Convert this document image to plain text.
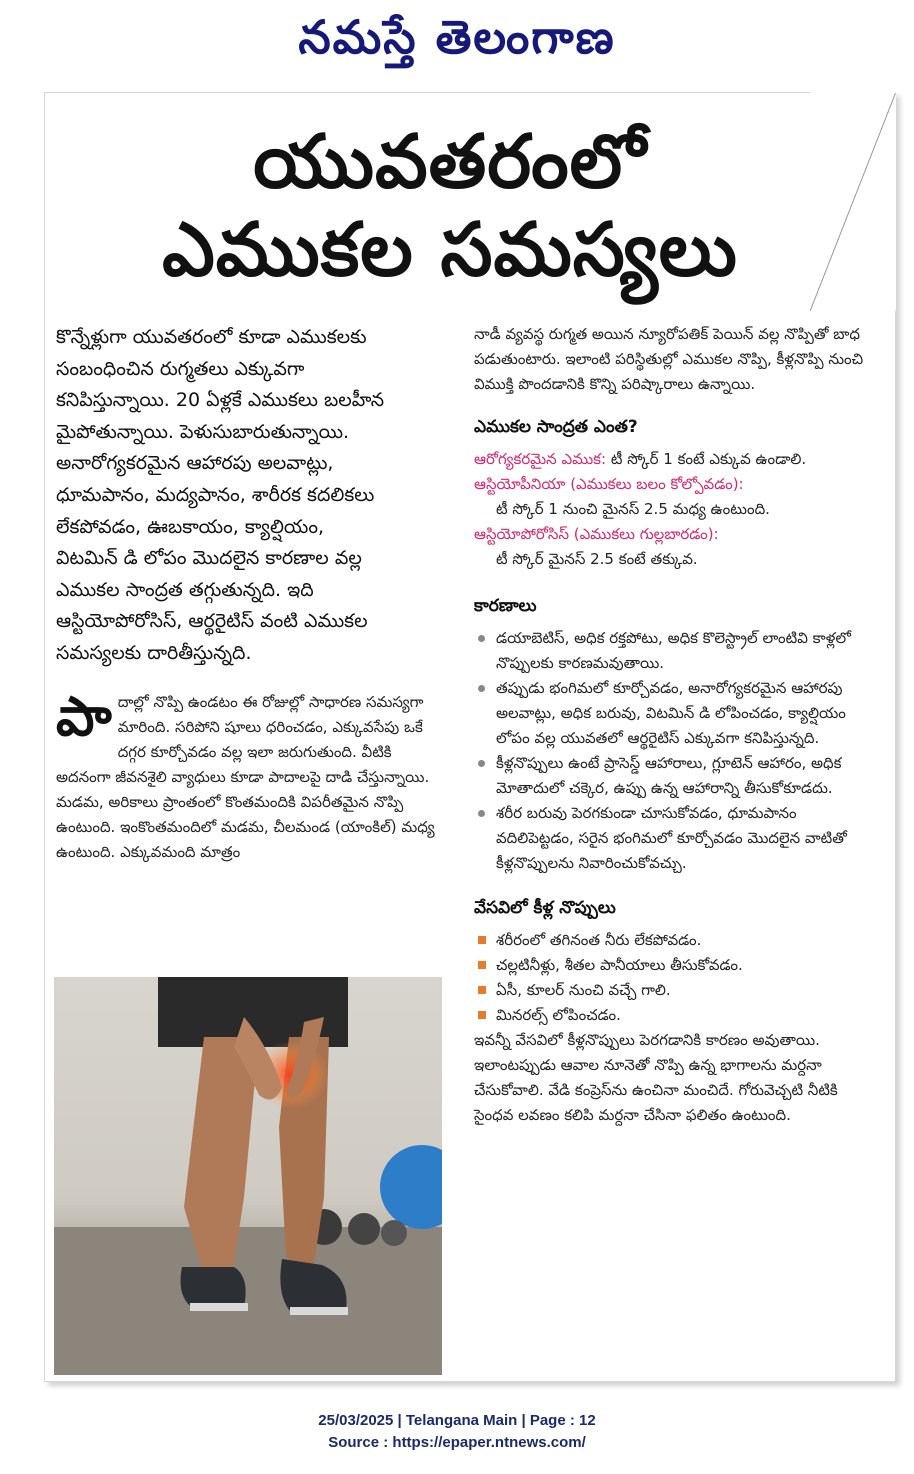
నమస్తే తెలంగాణ
యువతరంలో
ఎముకల సమస్యలు

కొన్నేళ్లుగా యువతరంలో కూడా ఎముకలకు

సంబంధించిన రుగ్మతలు ఎక్కువగా

కనిపిస్తున్నాయి. 20 ఏళ్లకే ఎముకలు బలహీన

మైపోతున్నాయి. పెళుసుబారుతున్నాయి.

అనారోగ్యకరమైన ఆహారపు అలవాట్లు,

ధూమపానం, మద్యపానం, శారీరక కదలికలు

లేకపోవడం, ఊబకాయం, క్యాల్షియం,

విటమిన్ డి లోపం మొదలైన కారణాల వల్ల

ఎముకల సాంద్రత తగ్గుతున్నది. ఇది

ఆస్టియోపోరోసిస్, ఆర్థరైటిస్ వంటి ఎముకల

సమస్యలకు దారితీస్తున్నది.

పా దాల్లో నొప్పి ఉండటం ఈ రోజుల్లో సాధారణ సమస్యగా మారింది. సరిపోని షూలు ధరించడం, ఎక్కువసేపు ఒకే దగ్గర కూర్చోవడం వల్ల ఇలా జరుగుతుంది. వీటికి అదనంగా జీవనశైలి వ్యాధులు కూడా పాదాలపై దాడి చేస్తున్నాయి. మడమ, అరికాలు ప్రాంతంలో కొంతమందికి విపరీతమైన నొప్పి ఉంటుంది. ఇంకొంతమందిలో మడమ, చీలమండ (యాంకిల్) మధ్య ఉంటుంది. ఎక్కువమంది మాత్రం

నాడీ వ్యవస్థ రుగ్మత అయిన న్యూరోపతిక్ పెయిన్ వల్ల నొప్పితో బాధ పడుతుంటారు. ఇలాంటి పరిస్థితుల్లో ఎముకల నొప్పి, కీళ్లనొప్పి నుంచి విముక్తి పొందడానికి కొన్ని పరిష్కారాలు ఉన్నాయి.

ఎముకల సాంద్రత ఎంత?
ఆరోగ్యకరమైన ఎముక: టీ స్కోర్ 1 కంటే ఎక్కువ ఉండాలి.
ఆస్టియోపీనియా (ఎముకలు బలం కోల్పోవడం):
టీ స్కోర్ 1 నుంచి మైనస్ 2.5 మధ్య ఉంటుంది.
ఆస్టియోపోరోసిస్ (ఎముకలు గుల్లబారడం):
టీ స్కోర్ మైనస్ 2.5 కంటే తక్కువ.
కారణాలు
డయాబెటిస్, అధిక రక్తపోటు, అధిక కొలెస్ట్రాల్ లాంటివి కాళ్లలో నొప్పులకు కారణమవుతాయి.
తప్పుడు భంగిమలో కూర్చోవడం, అనారోగ్యకరమైన ఆహారపు అలవాట్లు, అధిక బరువు, విటమిన్ డి లోపించడం, క్యాల్షియం లోపం వల్ల యువతలో ఆర్థరైటిస్ ఎక్కువగా కనిపిస్తున్నది.
కీళ్లనొప్పులు ఉంటే ప్రాసెస్డ్ ఆహారాలు, గ్లూటెన్ ఆహారం, అధిక మోతాదులో చక్కెర, ఉప్పు ఉన్న ఆహారాన్ని తీసుకోకూడదు.
శరీర బరువు పెరగకుండా చూసుకోవడం, ధూమపానం వదిలిపెట్టడం, సరైన భంగిమలో కూర్చోవడం మొదలైన వాటితో కీళ్లనొప్పులను నివారించుకోవచ్చు.
వేసవిలో కీళ్ల నొప్పులు
శరీరంలో తగినంత నీరు లేకపోవడం.
చల్లటినీళ్లు, శీతల పానీయాలు తీసుకోవడం.
ఏసీ, కూలర్ నుంచి వచ్చే గాలి.
మినరల్స్ లోపించడం.

ఇవన్నీ వేసవిలో కీళ్లనొప్పులు పెరగడానికి కారణం అవుతాయి. ఇలాంటప్పుడు ఆవాల నూనెతో నొప్పి ఉన్న భాగాలను మర్దనా చేసుకోవాలి. వేడి కంప్రెస్‌ను ఉంచినా మంచిదే. గోరువెచ్చటి నీటికి సైంధవ లవణం కలిపి మర్దనా చేసినా ఫలితం ఉంటుంది.

25/03/2025 | Telangana Main | Page : 12
Source : https://epaper.ntnews.com/
